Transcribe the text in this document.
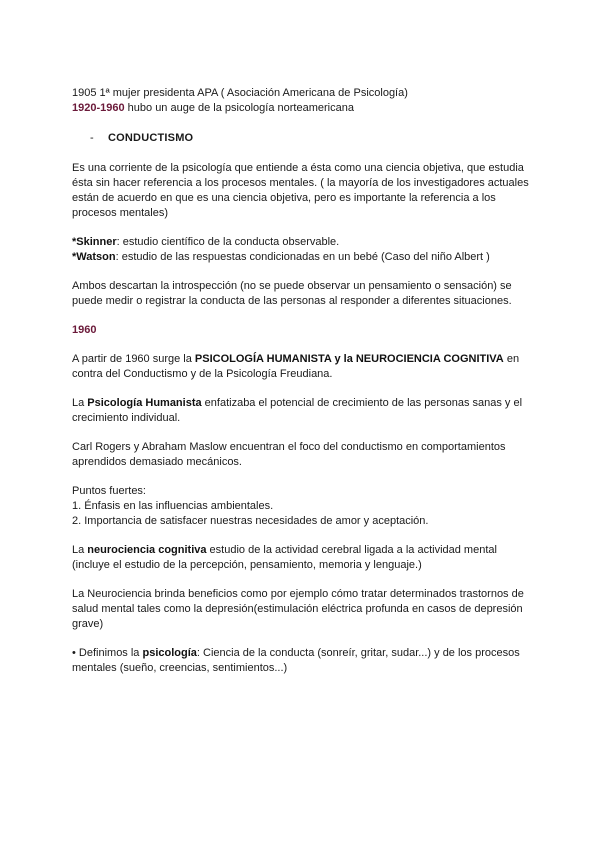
1905 1ª mujer presidenta APA ( Asociación Americana de Psicología)
1920-1960 hubo un auge de la psicología norteamericana
-	CONDUCTISMO
Es una corriente de la psicología que entiende a ésta como una ciencia objetiva, que estudia ésta sin hacer referencia a los procesos mentales. ( la mayoría de los investigadores actuales están de acuerdo en que es una ciencia objetiva, pero es importante la referencia a los procesos mentales)
*Skinner: estudio científico de la conducta observable.
*Watson: estudio de las respuestas condicionadas en un bebé (Caso del niño Albert )
Ambos descartan la introspección (no se puede observar un pensamiento o sensación) se puede medir o registrar la conducta de las personas al responder a diferentes situaciones.
1960
A partir de 1960 surge la PSICOLOGÍA HUMANISTA y la NEUROCIENCIA COGNITIVA en contra del Conductismo y de la Psicología Freudiana.
La Psicología Humanista enfatizaba el potencial de crecimiento de las personas sanas y el crecimiento individual.
Carl Rogers y Abraham Maslow encuentran el foco del conductismo en comportamientos aprendidos demasiado mecánicos.
Puntos fuertes:
1. Énfasis en las influencias ambientales.
2. Importancia de satisfacer nuestras necesidades de amor y aceptación.
La neurociencia cognitiva estudio de la actividad cerebral ligada a la actividad mental (incluye el estudio de la percepción, pensamiento, memoria y lenguaje.)
La Neurociencia brinda beneficios como por ejemplo cómo tratar determinados trastornos de salud mental tales como la depresión(estimulación eléctrica profunda en casos de depresión grave)
• Definimos la psicología: Ciencia de la conducta (sonreír, gritar, sudar...) y de los procesos mentales (sueño, creencias, sentimientos...)
